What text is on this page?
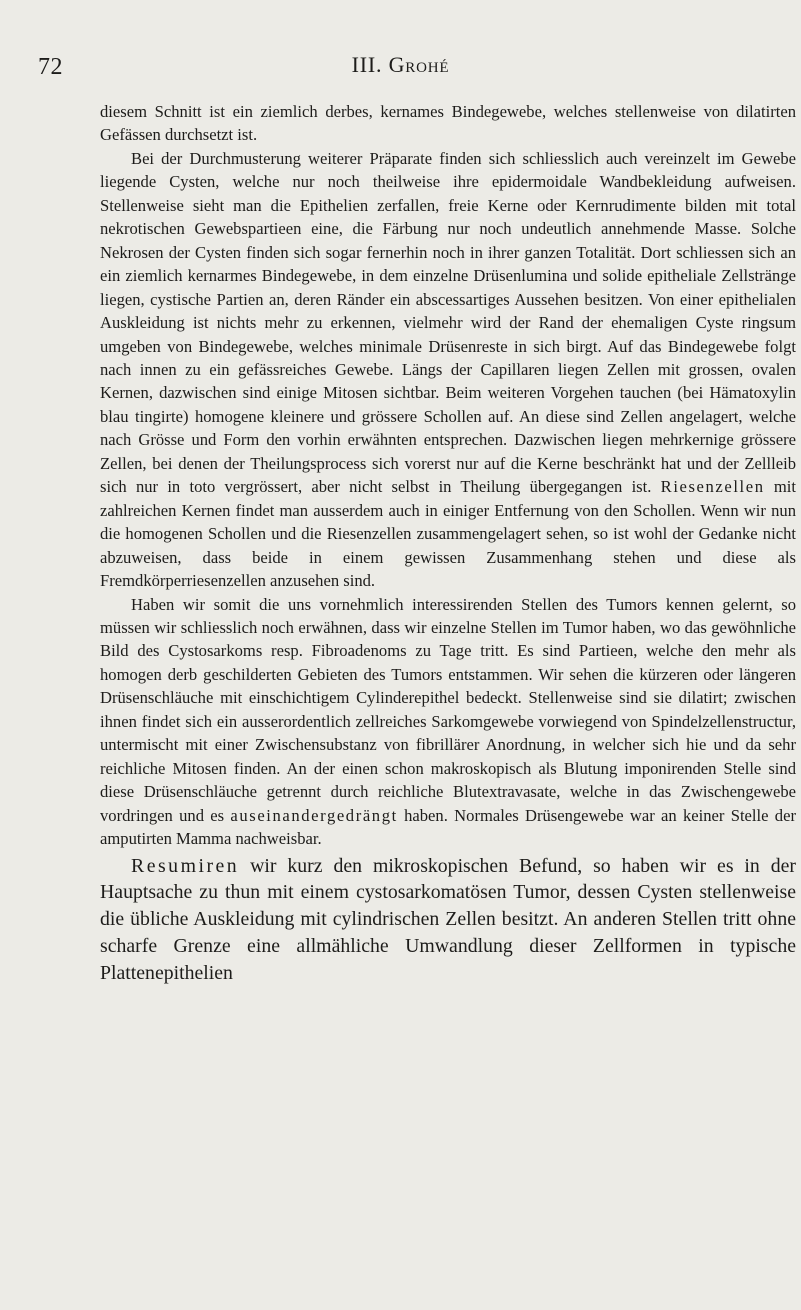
72	III. Grohé

diesem Schnitt ist ein ziemlich derbes, kernames Bindegewebe, welches stellenweise von dilatirten Gefässen durchsetzt ist.

Bei der Durchmusterung weiterer Präparate finden sich schliesslich auch vereinzelt im Gewebe liegende Cysten, welche nur noch theilweise ihre epidermoidale Wandbekleidung aufweisen. Stellenweise sieht man die Epithelien zerfallen, freie Kerne oder Kernrudimente bilden mit total nekrotischen Gewebspartieen eine, die Färbung nur noch undeutlich annehmende Masse. Solche Nekrosen der Cysten finden sich sogar fernerhin noch in ihrer ganzen Totalität. Dort schliessen sich an ein ziemlich kernarmes Bindegewebe, in dem einzelne Drüsenlumina und solide epitheliale Zellstränge liegen, cystische Partien an, deren Ränder ein abscessartiges Aussehen besitzen. Von einer epithelialen Auskleidung ist nichts mehr zu erkennen, vielmehr wird der Rand der ehemaligen Cyste ringsum umgeben von Bindegewebe, welches minimale Drüsenreste in sich birgt. Auf das Bindegewebe folgt nach innen zu ein gefässreiches Gewebe. Längs der Capillaren liegen Zellen mit grossen, ovalen Kernen, dazwischen sind einige Mitosen sichtbar. Beim weiteren Vorgehen tauchen (bei Hämatoxylin blau tingirte) homogene kleinere und grössere Schollen auf. An diese sind Zellen angelagert, welche nach Grösse und Form den vorhin erwähnten entsprechen. Dazwischen liegen mehrkernige grössere Zellen, bei denen der Theilungsprocess sich vorerst nur auf die Kerne beschränkt hat und der Zellleib sich nur in toto vergrössert, aber nicht selbst in Theilung übergegangen ist. Riesenzellen mit zahlreichen Kernen findet man ausserdem auch in einiger Entfernung von den Schollen. Wenn wir nun die homogenen Schollen und die Riesenzellen zusammengelagert sehen, so ist wohl der Gedanke nicht abzuweisen, dass beide in einem gewissen Zusammenhang stehen und diese als Fremdkörperriesenzellen anzusehen sind.

Haben wir somit die uns vornehmlich interessirenden Stellen des Tumors kennen gelernt, so müssen wir schliesslich noch erwähnen, dass wir einzelne Stellen im Tumor haben, wo das gewöhnliche Bild des Cystosarkoms resp. Fibroadenoms zu Tage tritt. Es sind Partieen, welche den mehr als homogen derb geschilderten Gebieten des Tumors entstammen. Wir sehen die kürzeren oder längeren Drüsenschläuche mit einschichtigem Cylinderepithel bedeckt. Stellenweise sind sie dilatirt; zwischen ihnen findet sich ein ausserordentlich zellreiches Sarkomgewebe vorwiegend von Spindelzellenstructur, untermischt mit einer Zwischensubstanz von fibrillärer Anordnung, in welcher sich hie und da sehr reichliche Mitosen finden. An der einen schon makroskopisch als Blutung imponirenden Stelle sind diese Drüsenschläuche getrennt durch reichliche Blutextravasate, welche in das Zwischengewebe vordringen und es auseinandergedrängt haben. Normales Drüsengewebe war an keiner Stelle der amputirten Mamma nachweisbar.

Resumiren wir kurz den mikroskopischen Befund, so haben wir es in der Hauptsache zu thun mit einem cystosarkomatösen Tumor, dessen Cysten stellenweise die übliche Auskleidung mit cylindrischen Zellen besitzt. An anderen Stellen tritt ohne scharfe Grenze eine allmähliche Umwandlung dieser Zellformen in typische Plattenepithelien
